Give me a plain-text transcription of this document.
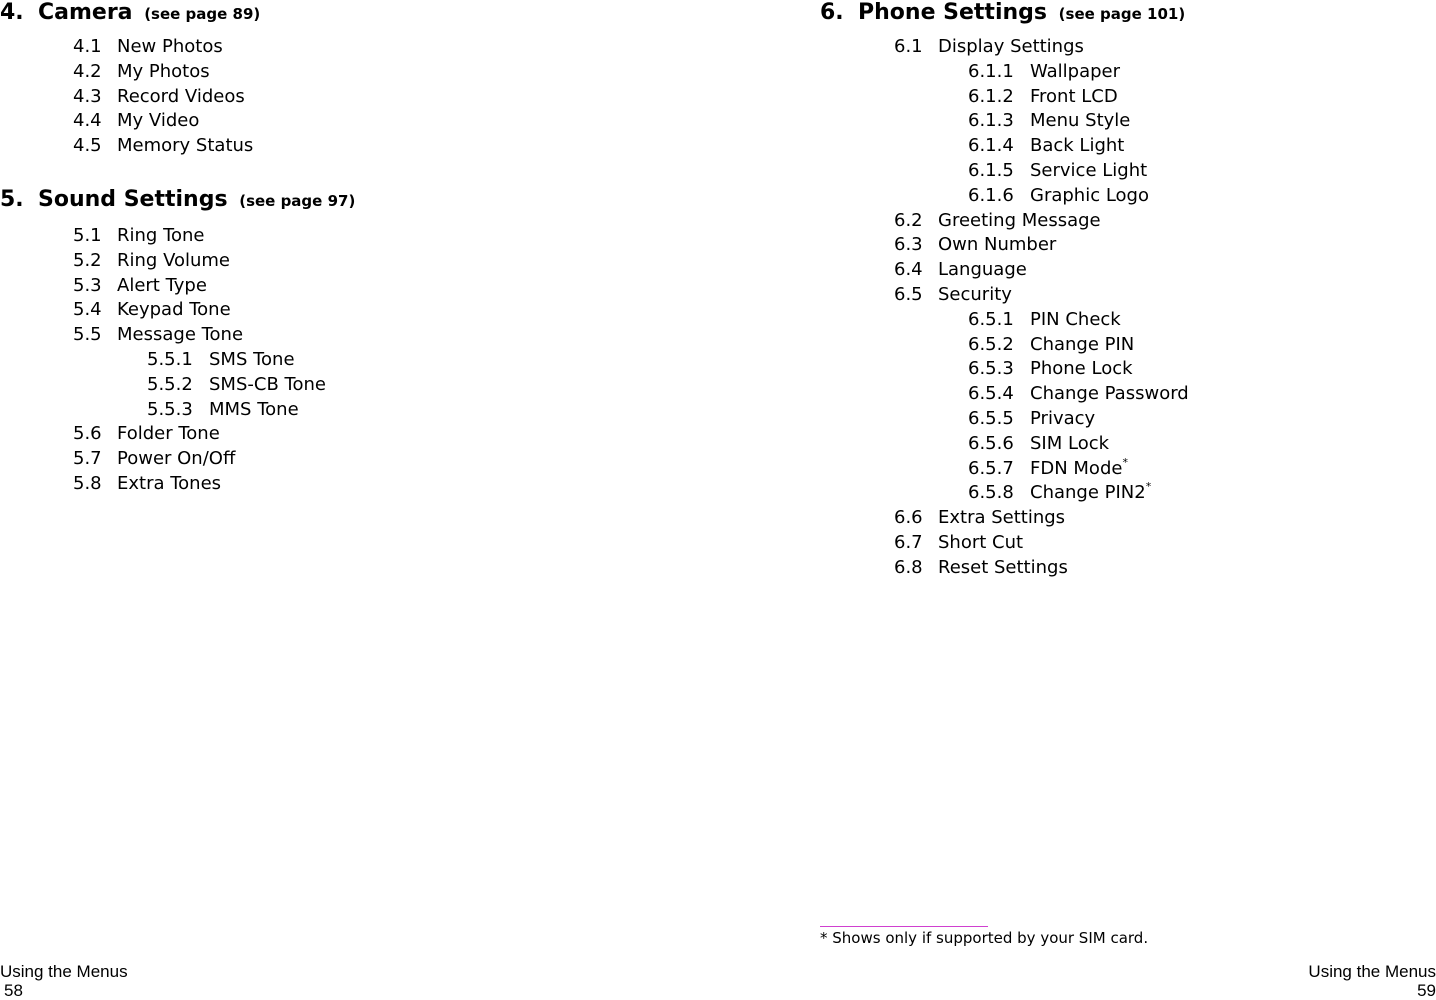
4. Camera (see page 89)
4.1 New Photos
4.2 My Photos
4.3 Record Videos
4.4 My Video
4.5 Memory Status
5. Sound Settings (see page 97)
5.1 Ring Tone
5.2 Ring Volume
5.3 Alert Type
5.4 Keypad Tone
5.5 Message Tone
5.5.1 SMS Tone
5.5.2 SMS-CB Tone
5.5.3 MMS Tone
5.6 Folder Tone
5.7 Power On/Off
5.8 Extra Tones
Using the Menus
58
6. Phone Settings (see page 101)
6.1 Display Settings
6.1.1 Wallpaper
6.1.2 Front LCD
6.1.3 Menu Style
6.1.4 Back Light
6.1.5 Service Light
6.1.6 Graphic Logo
6.2 Greeting Message
6.3 Own Number
6.4 Language
6.5 Security
6.5.1 PIN Check
6.5.2 Change PIN
6.5.3 Phone Lock
6.5.4 Change Password
6.5.5 Privacy
6.5.6 SIM Lock
6.5.7 FDN Mode*
6.5.8 Change PIN2*
6.6 Extra Settings
6.7 Short Cut
6.8 Reset Settings
* Shows only if supported by your SIM card.
Using the Menus
59
